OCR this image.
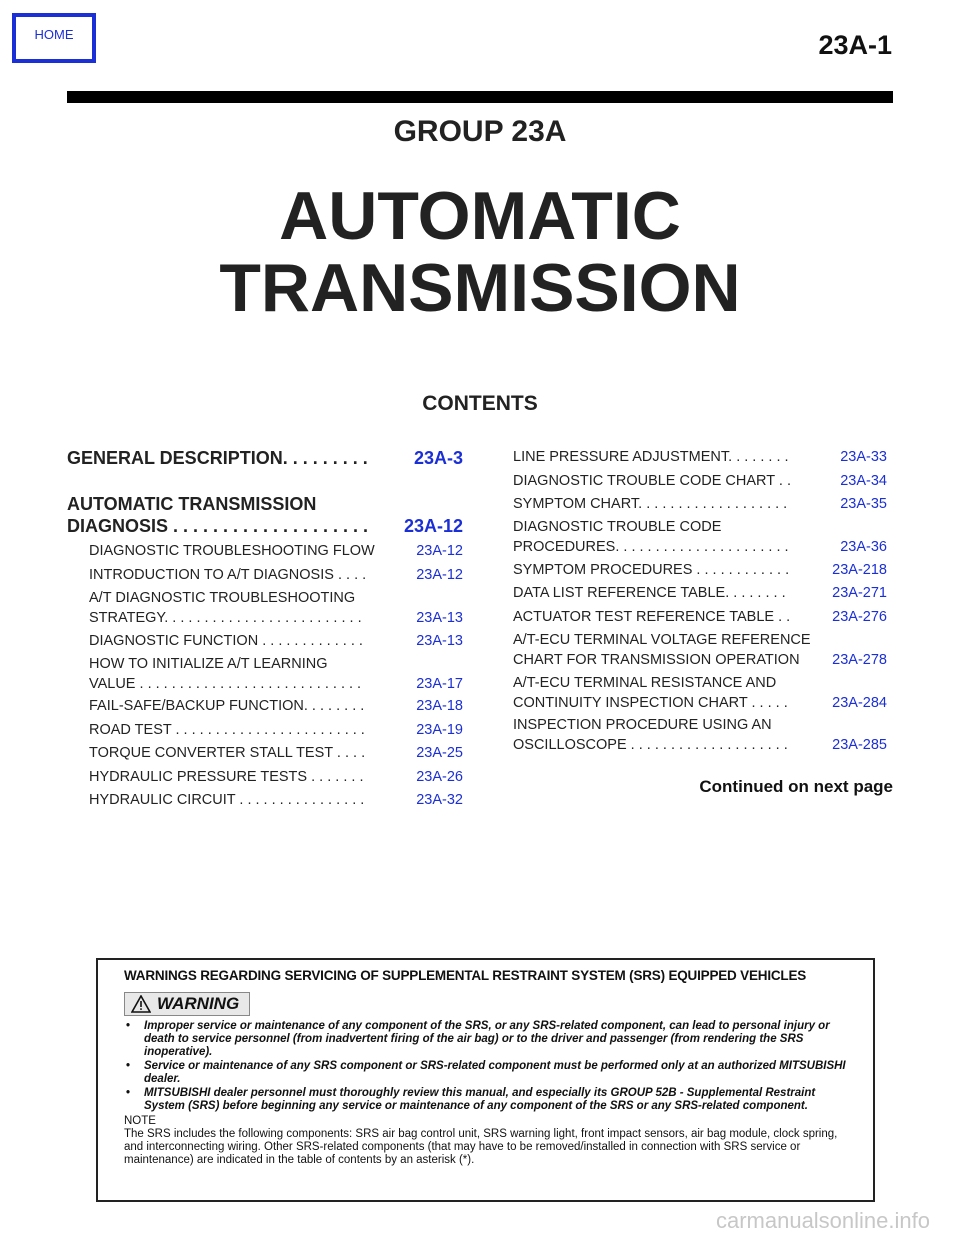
HOME	23A-1
GROUP 23A
AUTOMATIC
TRANSMISSION
CONTENTS
GENERAL DESCRIPTION. . . . . . . . .	23A-3
AUTOMATIC TRANSMISSION
DIAGNOSIS . . . . . . . . . . . . . . . . . . . .	23A-12
DIAGNOSTIC TROUBLESHOOTING FLOW	23A-12
INTRODUCTION TO A/T DIAGNOSIS . . . .	23A-12
A/T DIAGNOSTIC TROUBLESHOOTING
STRATEGY. . . . . . . . . . . . . . . . . . . . . . . . .	23A-13
DIAGNOSTIC FUNCTION . . . . . . . . . . . . .	23A-13
HOW TO INITIALIZE A/T LEARNING
VALUE . . . . . . . . . . . . . . . . . . . . . . . . . . . .	23A-17
FAIL-SAFE/BACKUP FUNCTION. . . . . . . .	23A-18
ROAD TEST . . . . . . . . . . . . . . . . . . . . . . . .	23A-19
TORQUE CONVERTER STALL TEST . . . .	23A-25
HYDRAULIC PRESSURE TESTS . . . . . . .	23A-26
HYDRAULIC CIRCUIT . . . . . . . . . . . . . . . .	23A-32
LINE PRESSURE ADJUSTMENT. . . . . . . .	23A-33
DIAGNOSTIC TROUBLE CODE CHART . .	23A-34
SYMPTOM CHART. . . . . . . . . . . . . . . . . . .	23A-35
DIAGNOSTIC TROUBLE CODE
PROCEDURES. . . . . . . . . . . . . . . . . . . . . .	23A-36
SYMPTOM PROCEDURES . . . . . . . . . . . .	23A-218
DATA LIST REFERENCE TABLE. . . . . . . .	23A-271
ACTUATOR TEST REFERENCE TABLE . .	23A-276
A/T-ECU TERMINAL VOLTAGE REFERENCE
CHART FOR TRANSMISSION OPERATION	23A-278
A/T-ECU TERMINAL RESISTANCE AND
CONTINUITY INSPECTION CHART . . . . .	23A-284
INSPECTION PROCEDURE USING AN
OSCILLOSCOPE . . . . . . . . . . . . . . . . . . . .	23A-285
Continued on next page
WARNINGS REGARDING SERVICING OF SUPPLEMENTAL RESTRAINT SYSTEM (SRS) EQUIPPED VEHICLES
WARNING
• Improper service or maintenance of any component of the SRS, or any SRS-related component, can lead to personal injury or death to service personnel (from inadvertent firing of the air bag) or to the driver and passenger (from rendering the SRS inoperative).
• Service or maintenance of any SRS component or SRS-related component must be performed only at an authorized MITSUBISHI dealer.
• MITSUBISHI dealer personnel must thoroughly review this manual, and especially its GROUP 52B - Supplemental Restraint System (SRS) before beginning any service or maintenance of any component of the SRS or any SRS-related component.
NOTE
The SRS includes the following components: SRS air bag control unit, SRS warning light, front impact sensors, air bag module, clock spring, and interconnecting wiring. Other SRS-related components (that may have to be removed/installed in connection with SRS service or maintenance) are indicated in the table of contents by an asterisk (*).
carmanualsonline.info
